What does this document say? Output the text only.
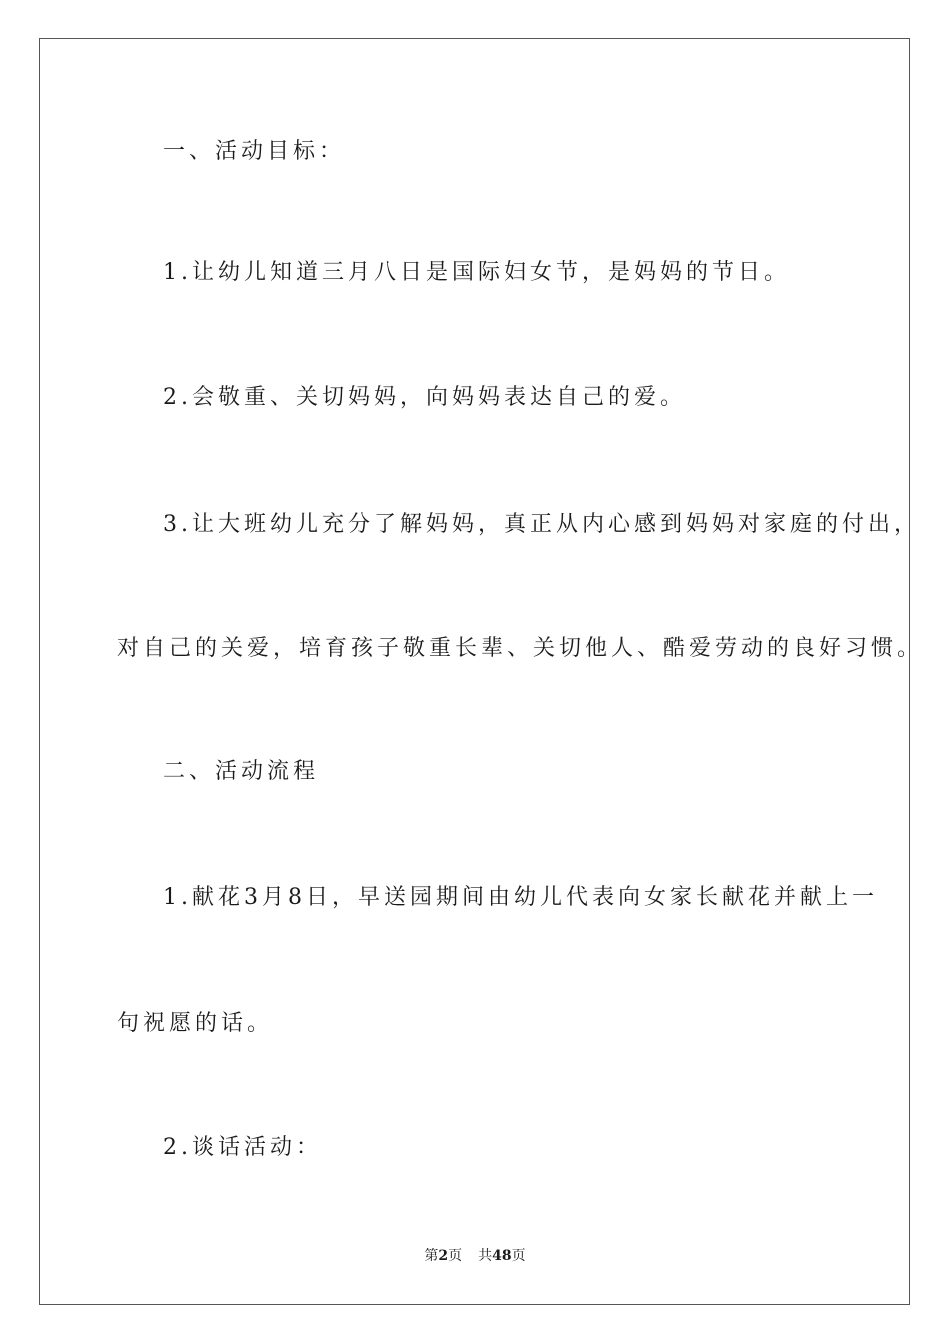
一、活动目标：
1.让幼儿知道三月八日是国际妇女节，是妈妈的节日。
2.会敬重、关切妈妈，向妈妈表达自己的爱。
3.让大班幼儿充分了解妈妈，真正从内心感到妈妈对家庭的付出，
对自己的关爱，培育孩子敬重长辈、关切他人、酷爱劳动的良好习惯。
二、活动流程
1.献花3月8日，早送园期间由幼儿代表向女家长献花并献上一
句祝愿的话。
2.谈话活动：
第2页 共48页
